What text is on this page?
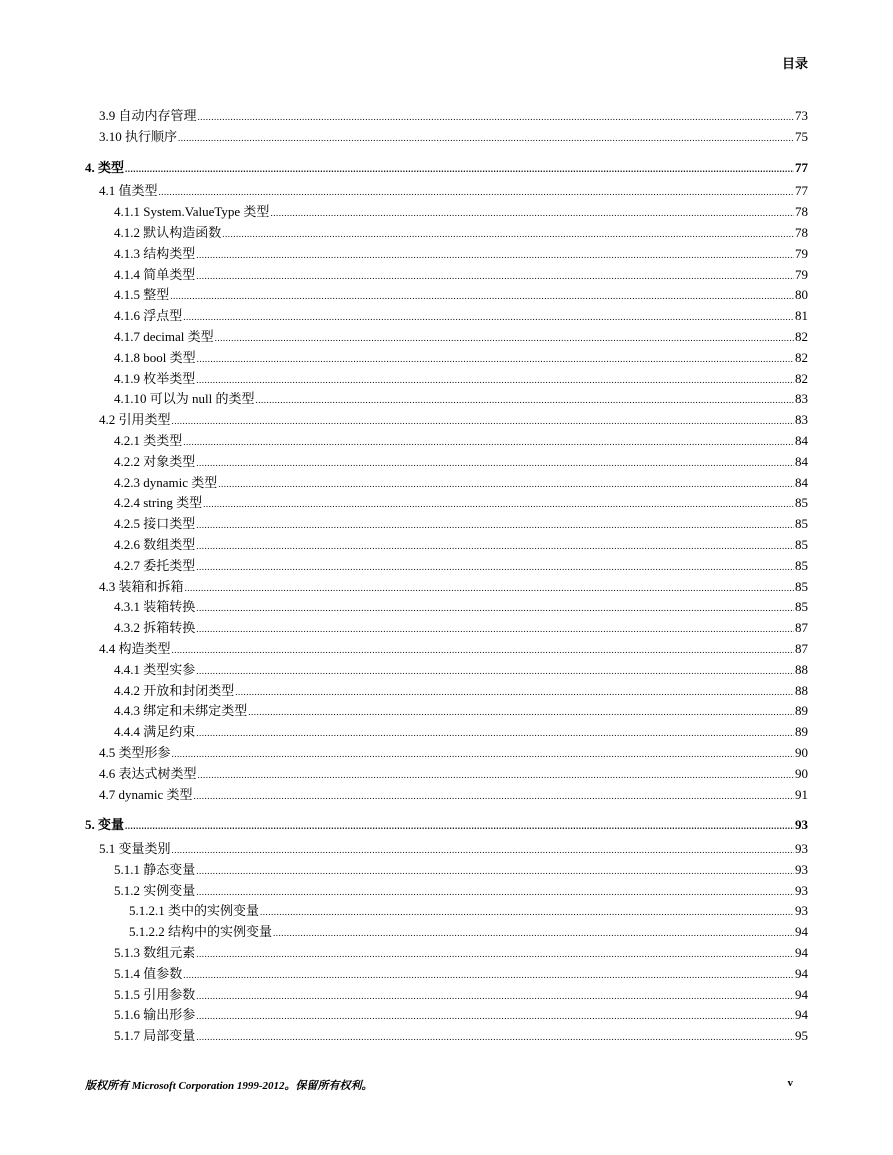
目录
3.9 自动内存管理 .....	73
3.10 执行顺序 .....	75
4. 类型 .....	77
4.1 值类型 .....	77
4.1.1 System.ValueType 类型 .....	78
4.1.2 默认构造函数 .....	78
4.1.3 结构类型 .....	79
4.1.4 简单类型 .....	79
4.1.5 整型 .....	80
4.1.6 浮点型 .....	81
4.1.7 decimal 类型 .....	82
4.1.8 bool 类型 .....	82
4.1.9 枚举类型 .....	82
4.1.10 可以为 null 的类型 .....	83
4.2 引用类型 .....	83
4.2.1 类类型 .....	84
4.2.2 对象类型 .....	84
4.2.3 dynamic 类型 .....	84
4.2.4 string 类型 .....	85
4.2.5 接口类型 .....	85
4.2.6 数组类型 .....	85
4.2.7 委托类型 .....	85
4.3 装箱和拆箱 .....	85
4.3.1 装箱转换 .....	85
4.3.2 拆箱转换 .....	87
4.4 构造类型 .....	87
4.4.1 类型实参 .....	88
4.4.2 开放和封闭类型 .....	88
4.4.3 绑定和未绑定类型 .....	89
4.4.4 满足约束 .....	89
4.5 类型形参 .....	90
4.6 表达式树类型 .....	90
4.7 dynamic 类型 .....	91
5. 变量 .....	93
5.1 变量类别 .....	93
5.1.1 静态变量 .....	93
5.1.2 实例变量 .....	93
5.1.2.1 类中的实例变量 .....	93
5.1.2.2 结构中的实例变量 .....	94
5.1.3 数组元素 .....	94
5.1.4 值参数 .....	94
5.1.5 引用参数 .....	94
5.1.6 输出形参 .....	94
5.1.7 局部变量 .....	95
版权所有 Microsoft Corporation 1999-2012。保留所有权利。	v
